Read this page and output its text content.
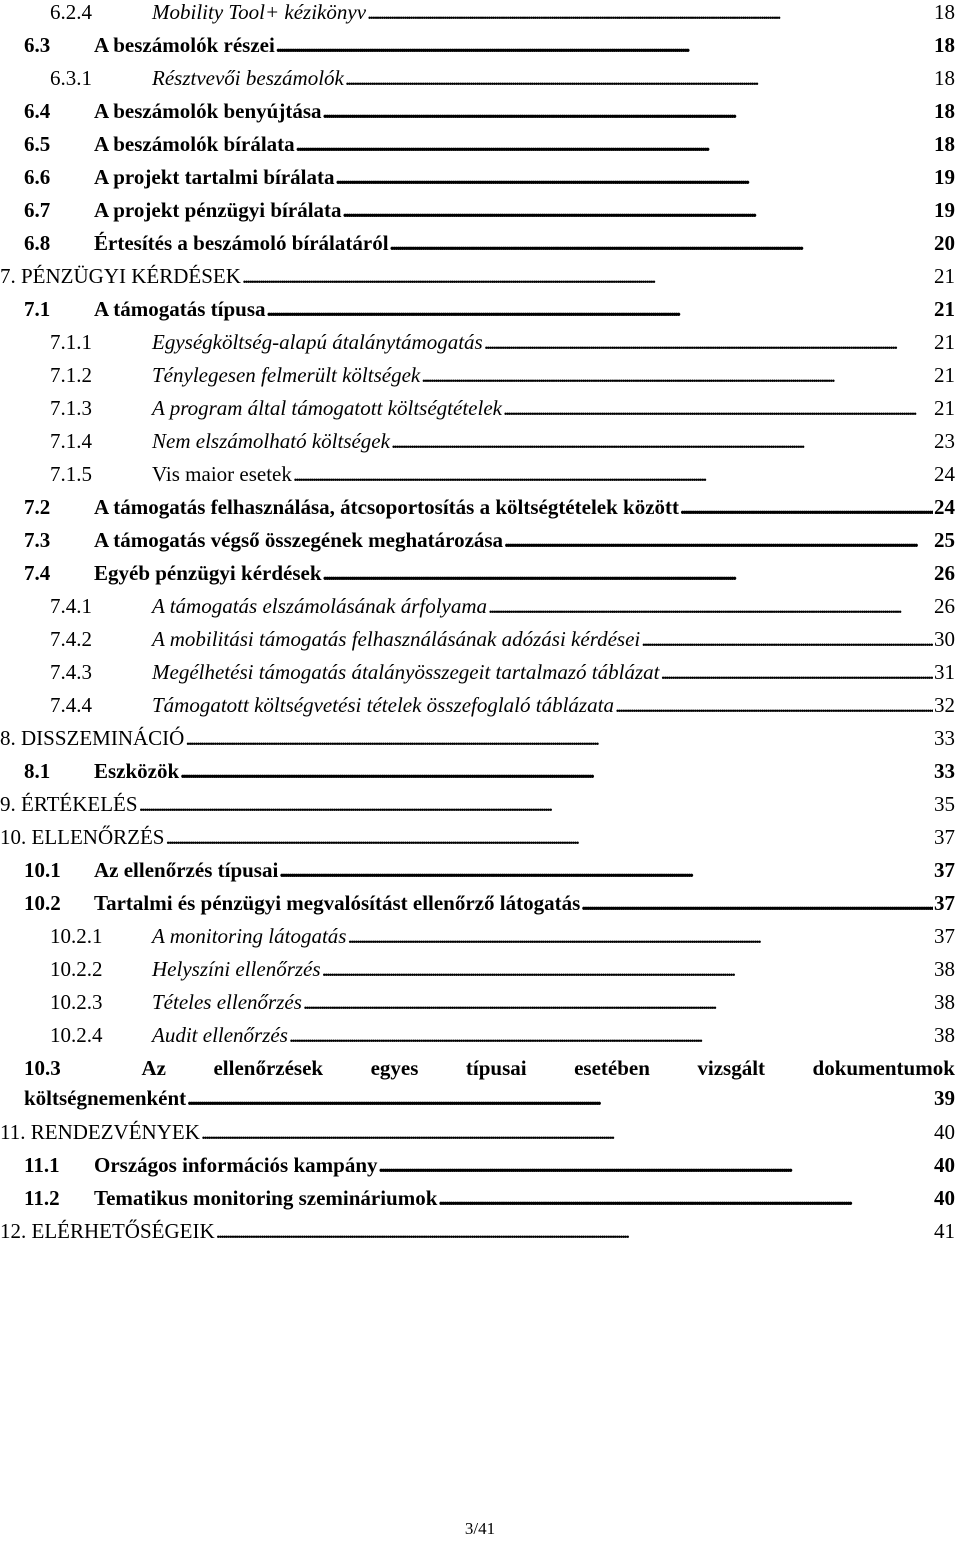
6.2.4	Mobility Tool+ kézikönyv . . .	18
6.3	A beszámolók részei . . .	18
6.3.1	Résztvevői beszámolók . . .	18
6.4	A beszámolók benyújtása . . .	18
6.5	A beszámolók bírálata . . .	18
6.6	A projekt tartalmi bírálata . . .	19
6.7	A projekt pénzügyi bírálata . . .	19
6.8	Értesítés a beszámoló bírálatáról . . .	20
7. PÉNZÜGYI KÉRDÉSEK . . .	21
7.1	A támogatás típusa . . .	21
7.1.1	Egységköltség-alapú átalánytámogatás . . .	21
7.1.2	Ténylegesen felmerült költségek . . .	21
7.1.3	A program által támogatott költségtételek . . .	21
7.1.4	Nem elszámolható költségek . . .	23
7.1.5	Vis maior esetek . . .	24
7.2	A támogatás felhasználása, átcsoportosítás a költségtételek között . . .	24
7.3	A támogatás végső összegének meghatározása . . .	25
7.4	Egyéb pénzügyi kérdések . . .	26
7.4.1	A támogatás elszámolásának árfolyama . . .	26
7.4.2	A mobilitási támogatás felhasználásának adózási kérdései . . .	30
7.4.3	Megélhetési támogatás átalányösszegeit tartalmazó táblázat . . .	31
7.4.4	Támogatott költségvetési tételek összefoglaló táblázata . . .	32
8. DISSZEMINÁCIÓ . . .	33
8.1	Eszközök . . .	33
9. ÉRTÉKELÉS . . .	35
10. ELLENŐRZÉS . . .	37
10.1	Az ellenőrzés típusai . . .	37
10.2	Tartalmi és pénzügyi megvalósítást ellenőrző látogatás . . .	37
10.2.1	A monitoring látogatás . . .	37
10.2.2	Helyszíni ellenőrzés . . .	38
10.2.3	Tételes ellenőrzés . . .	38
10.2.4	Audit ellenőrzés . . .	38
10.3	Az ellenőrzések egyes típusai esetében vizsgált dokumentumok
költségnemenként . . .	39
11. RENDEZVÉNYEK . . .	40
11.1	Országos információs kampány . . .	40
11.2	Tematikus monitoring szemináriumok . . .	40
12. ELÉRHETŐSÉGEIK . . .	41
3/41
